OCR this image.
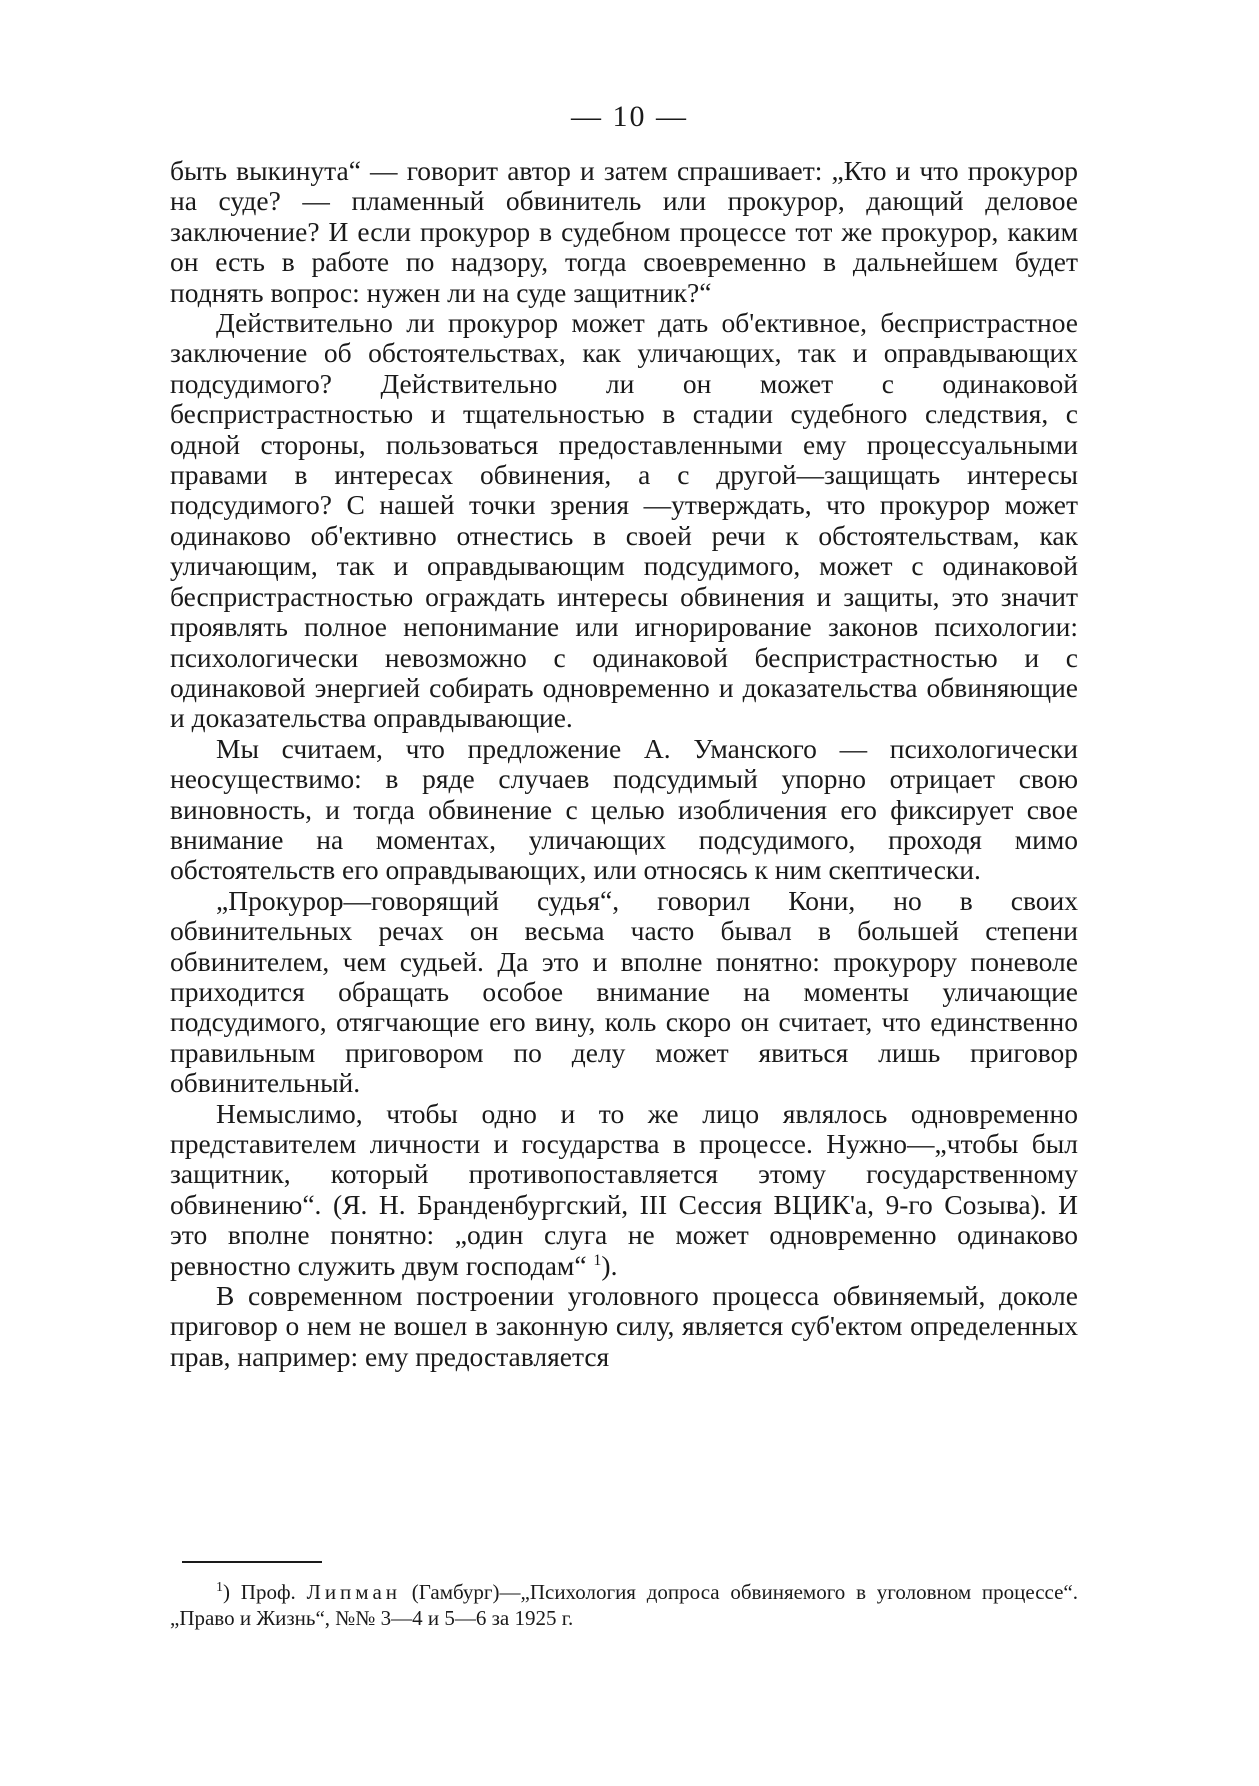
— 10 —

быть выкинута“ — говорит автор и затем спрашивает: „Кто и что прокурор на суде? — пламенный обвинитель или прокурор, дающий деловое заключение? И если прокурор в судебном процессе тот же прокурор, каким он есть в работе по надзору, тогда своевременно в дальнейшем будет поднять вопрос: нужен ли на суде защитник?“

Действительно ли прокурор может дать об'ективное, беспристрастное заключение об обстоятельствах, как уличающих, так и оправдывающих подсудимого? Действительно ли он может с одинаковой беспристрастностью и тщательностью в стадии судебного следствия, с одной стороны, пользоваться предоставленными ему процессуальными правами в интересах обвинения, а с другой—защищать интересы подсудимого? С нашей точки зрения —утверждать, что прокурор может одинаково об'ективно отнестись в своей речи к обстоятельствам, как уличающим, так и оправдывающим подсудимого, может с одинаковой беспристрастностью ограждать интересы обвинения и защиты, это значит проявлять полное непонимание или игнорирование законов психологии: психологически невозможно с одинаковой беспристрастностью и с одинаковой энергией собирать одновременно и доказательства обвиняющие и доказательства оправдывающие.

Мы считаем, что предложение А. Уманского — психологически неосуществимо: в ряде случаев подсудимый упорно отрицает свою виновность, и тогда обвинение с целью изобличения его фиксирует свое внимание на моментах, уличающих подсудимого, проходя мимо обстоятельств его оправдывающих, или относясь к ним скептически.

„Прокурор—говорящий судья“, говорил Кони, но в своих обвинительных речах он весьма часто бывал в большей степени обвинителем, чем судьей. Да это и вполне понятно: прокурору поневоле приходится обращать особое внимание на моменты уличающие подсудимого, отягчающие его вину, коль скоро он считает, что единственно правильным приговором по делу может явиться лишь приговор обвинительный.

Немыслимо, чтобы одно и то же лицо являлось одновременно представителем личности и государства в процессе. Нужно—„чтобы был защитник, который противопоставляется этому государственному обвинению“. (Я. Н. Бранденбургский, III Сессия ВЦИК'а, 9-го Созыва). И это вполне понятно: „один слуга не может одновременно одинаково ревностно служить двум господам“ $^1$).

В современном построении уголовного процесса обвиняемый, доколе приговор о нем не вошел в законную силу, является суб'ектом определенных прав, например: ему предоставляется

$^1$) Проф. Липман (Гамбург)—„Психология допроса обвиняемого в уголовном процессе“. „Право и Жизнь“, №№ 3—4 и 5—6 за 1925 г.
